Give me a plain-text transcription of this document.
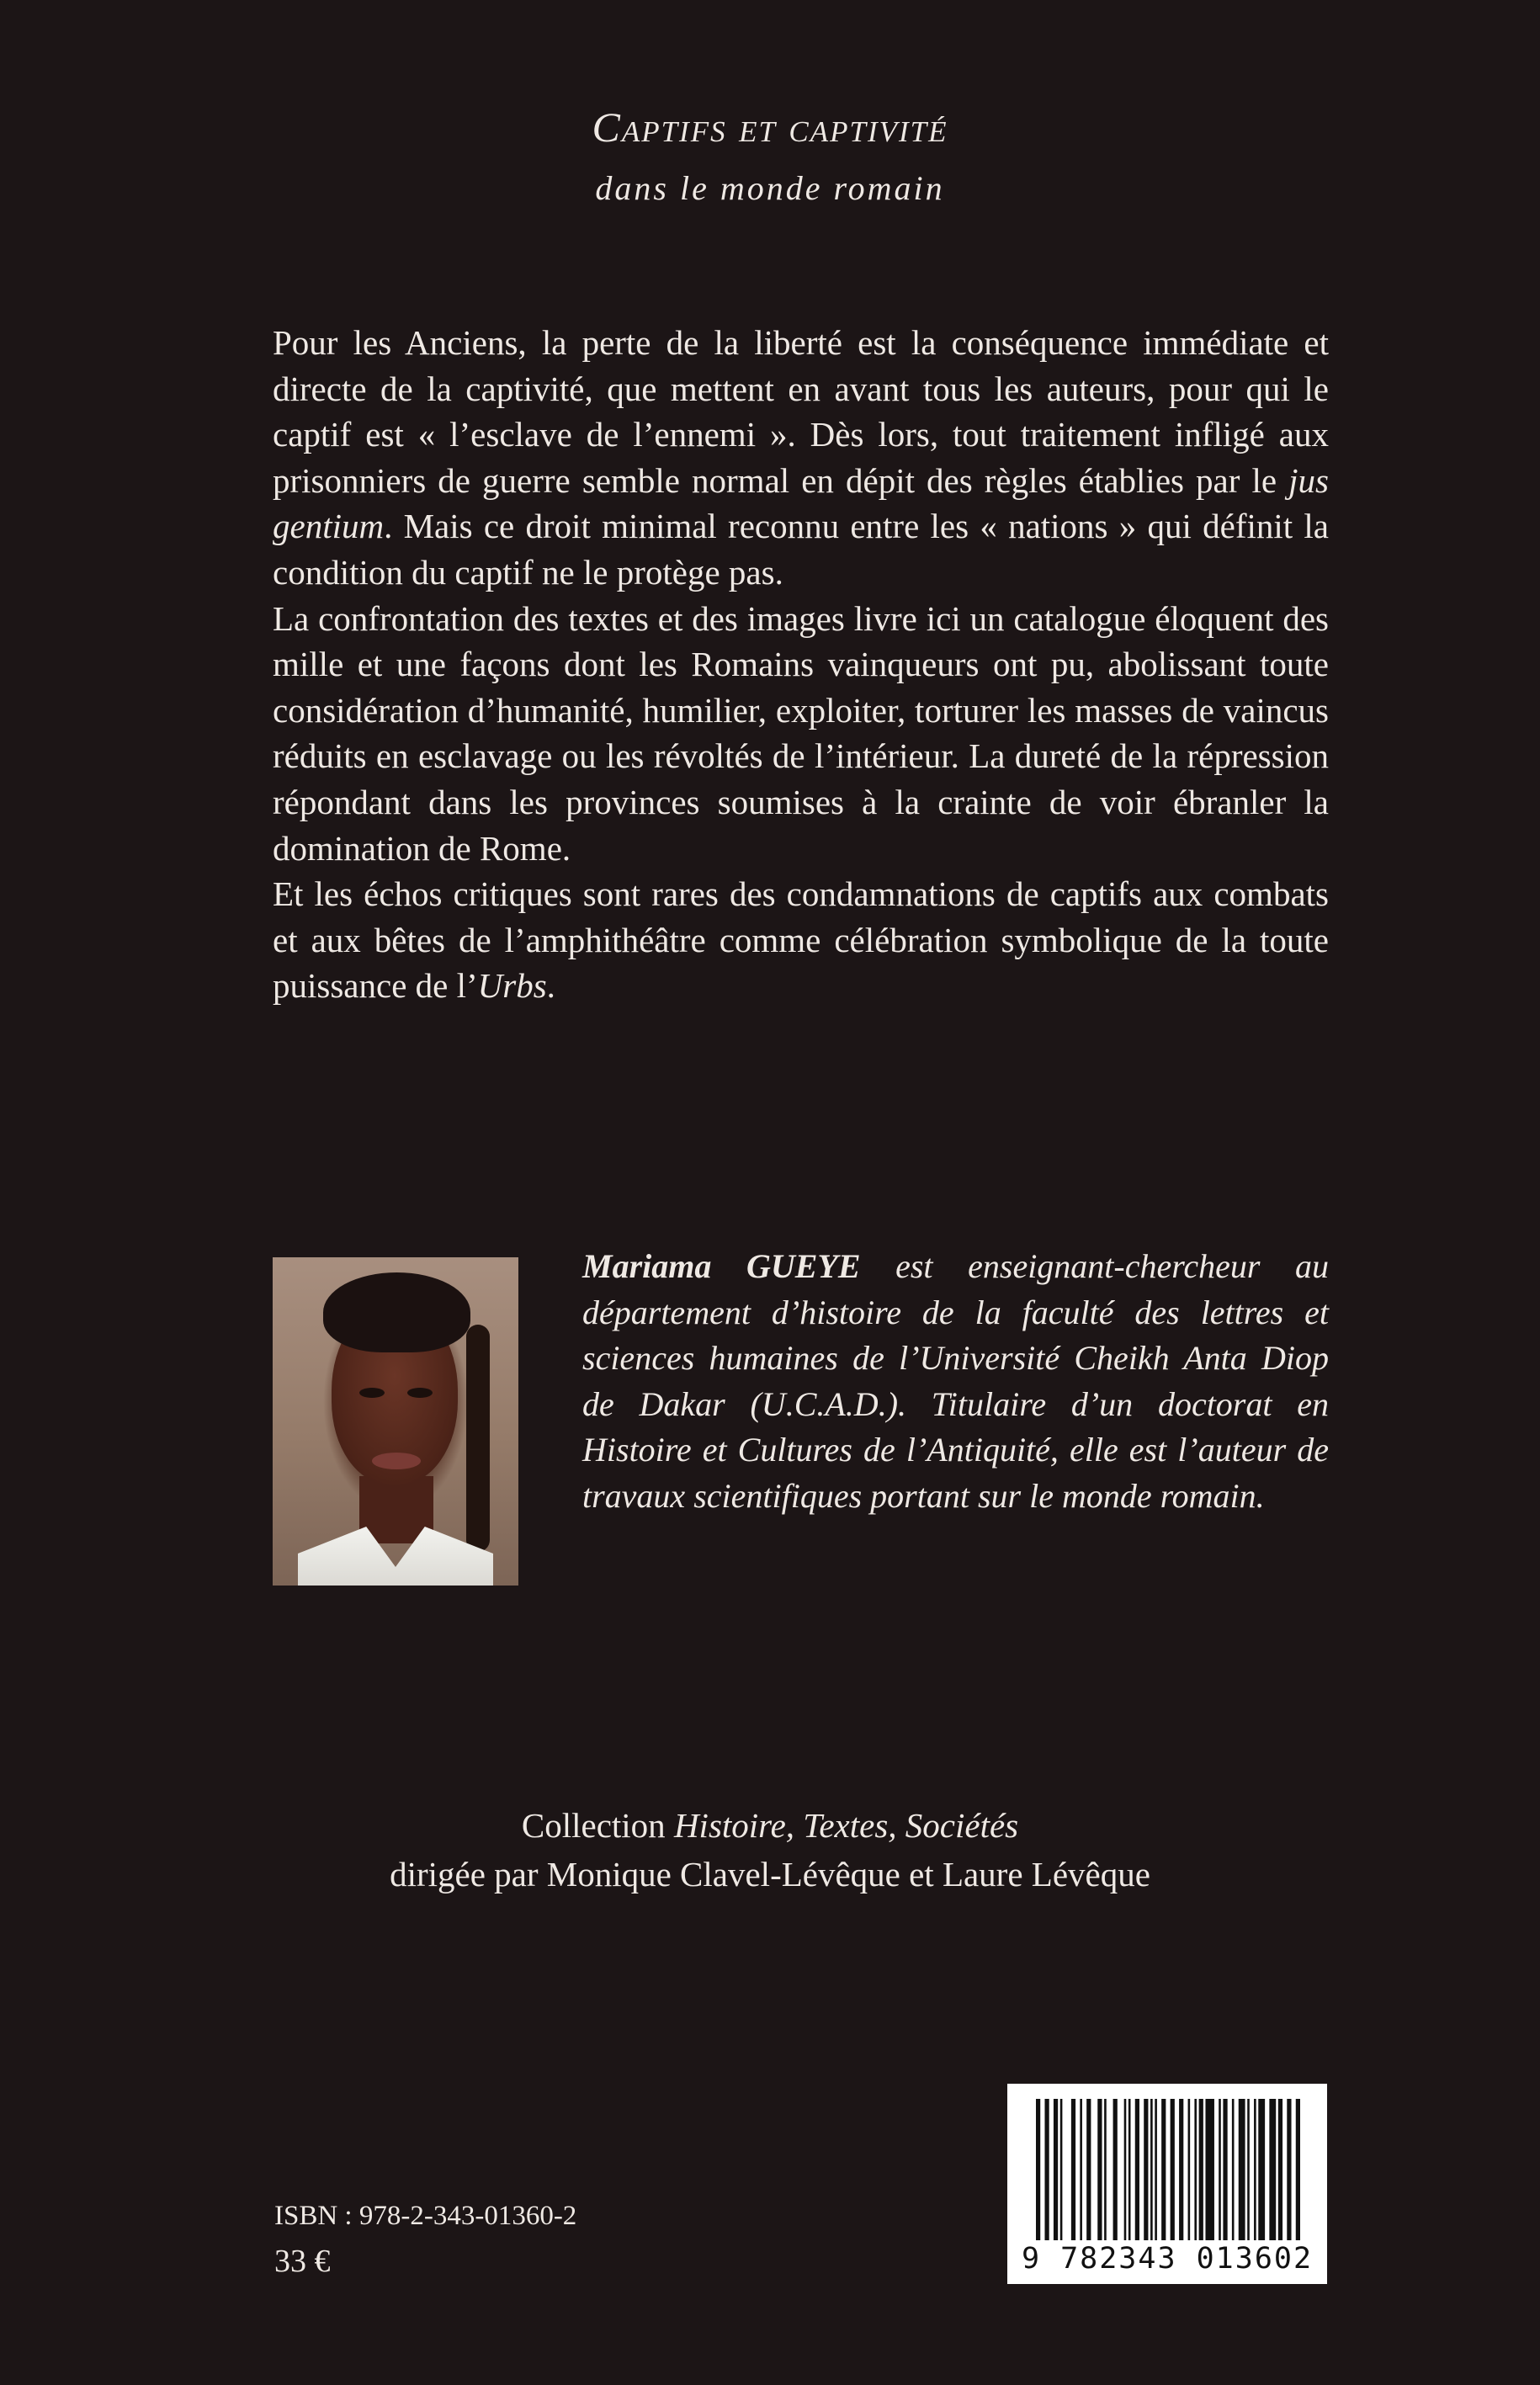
Captifs et captivité
dans le monde romain

Pour les Anciens, la perte de la liberté est la conséquence immédiate et directe de la captivité, que mettent en avant tous les auteurs, pour qui le captif est « l’esclave de l’ennemi ». Dès lors, tout traitement infligé aux prisonniers de guerre semble normal en dépit des règles établies par le jus gentium. Mais ce droit minimal reconnu entre les « nations » qui définit la condition du captif ne le protège pas.

La confrontation des textes et des images livre ici un catalogue éloquent des mille et une façons dont les Romains vainqueurs ont pu, abolissant toute considération d’humanité, humilier, exploiter, torturer les masses de vaincus réduits en esclavage ou les révoltés de l’intérieur. La dureté de la répression répondant dans les provinces soumises à la crainte de voir ébranler la domination de Rome.

Et les échos critiques sont rares des condamnations de captifs aux combats et aux bêtes de l’amphithéâtre comme célébration symbolique de la toute puissance de l’Urbs.

Mariama GUEYE est enseignant-chercheur au département d’histoire de la faculté des lettres et sciences humaines de l’Université Cheikh Anta Diop de Dakar (U.C.A.D.). Titulaire d’un doctorat en Histoire et Cultures de l’Antiquité, elle est l’auteur de travaux scientifiques portant sur le monde romain.
Collection Histoire, Textes, Sociétés
dirigée par Monique Clavel-Lévêque et Laure Lévêque
ISBN : 978-2-343-01360-2
33 €	9 782343 013602
